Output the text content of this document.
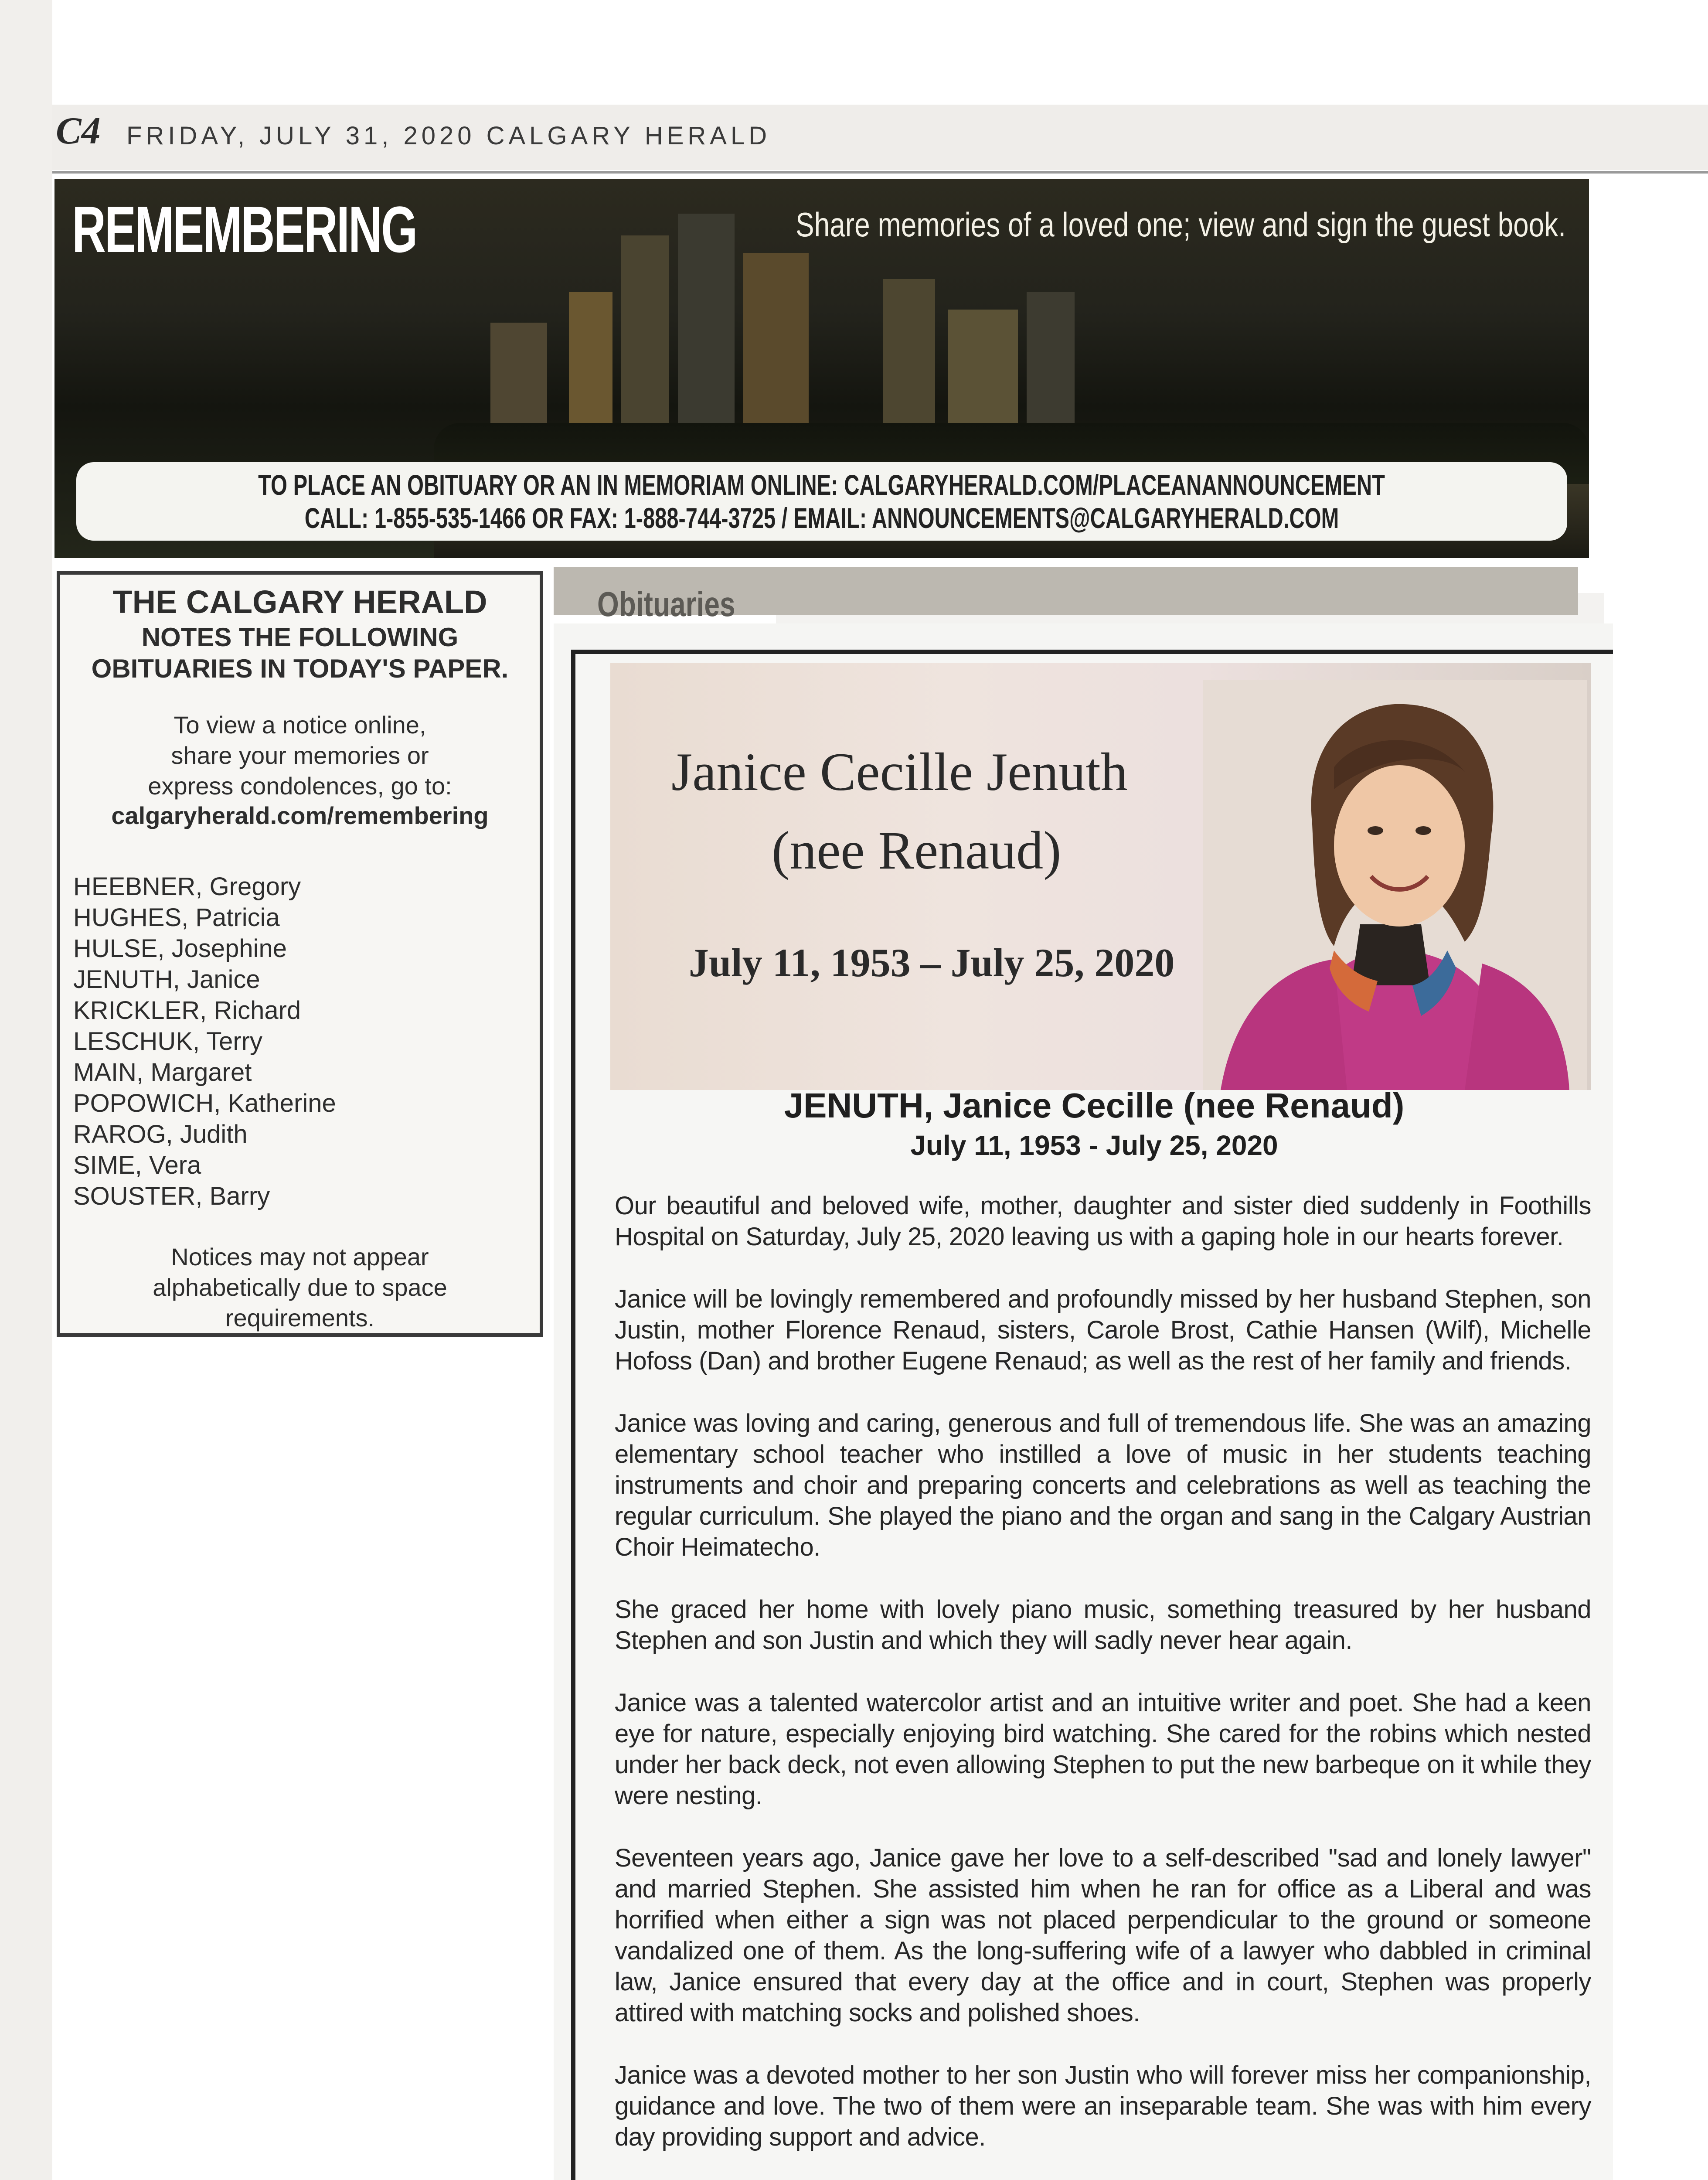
C4 FRIDAY, JULY 31, 2020 CALGARY HERALD
REMEMBERING	Share memories of a loved one; view and sign the guest book.
TO PLACE AN OBITUARY OR AN IN MEMORIAM ONLINE: CALGARYHERALD.COM/PLACEANANNOUNCEMENT
CALL: 1-855-535-1466 OR FAX: 1-888-744-3725 / EMAIL: ANNOUNCEMENTS@CALGARYHERALD.COM
THE CALGARY HERALD
NOTES THE FOLLOWING
OBITUARIES IN TODAY'S PAPER.
To view a notice online,
share your memories or
express condolences, go to:
calgaryherald.com/remembering
HEEBNER, Gregory
HUGHES, Patricia
HULSE, Josephine
JENUTH, Janice
KRICKLER, Richard
LESCHUK, Terry
MAIN, Margaret
POPOWICH, Katherine
RAROG, Judith
SIME, Vera
SOUSTER, Barry
Notices may not appear
alphabetically due to space
requirements.
Obituaries
Janice Cecille Jenuth
(nee Renaud)
July 11, 1953 – July 25, 2020
JENUTH, Janice Cecille (nee Renaud)
July 11, 1953 - July 25, 2020

Our beautiful and beloved wife, mother, daughter and sister died suddenly in Foothills Hospital on Saturday, July 25, 2020 leaving us with a gaping hole in our hearts forever.

Janice will be lovingly remembered and profoundly missed by her husband Stephen, son Justin, mother Florence Renaud, sisters, Carole Brost, Cathie Hansen (Wilf), Michelle Hofoss (Dan) and brother Eugene Renaud; as well as the rest of her family and friends.

Janice was loving and caring, generous and full of tremendous life. She was an amazing elementary school teacher who instilled a love of music in her students teaching instruments and choir and preparing concerts and celebrations as well as teaching the regular curriculum. She played the piano and the organ and sang in the Calgary Austrian Choir Heimatecho.

She graced her home with lovely piano music, something treasured by her husband Stephen and son Justin and which they will sadly never hear again.

Janice was a talented watercolor artist and an intuitive writer and poet. She had a keen eye for nature, especially enjoying bird watching. She cared for the robins which nested under her back deck, not even allowing Stephen to put the new barbeque on it while they were nesting.

Seventeen years ago, Janice gave her love to a self-described "sad and lonely lawyer" and married Stephen. She assisted him when he ran for office as a Liberal and was horrified when either a sign was not placed perpendicular to the ground or someone vandalized one of them. As the long-suffering wife of a lawyer who dabbled in criminal law, Janice ensured that every day at the office and in court, Stephen was properly attired with matching socks and polished shoes.

Janice was a devoted mother to her son Justin who will forever miss her companionship, guidance and love. The two of them were an inseparable team. She was with him every day providing support and advice.
